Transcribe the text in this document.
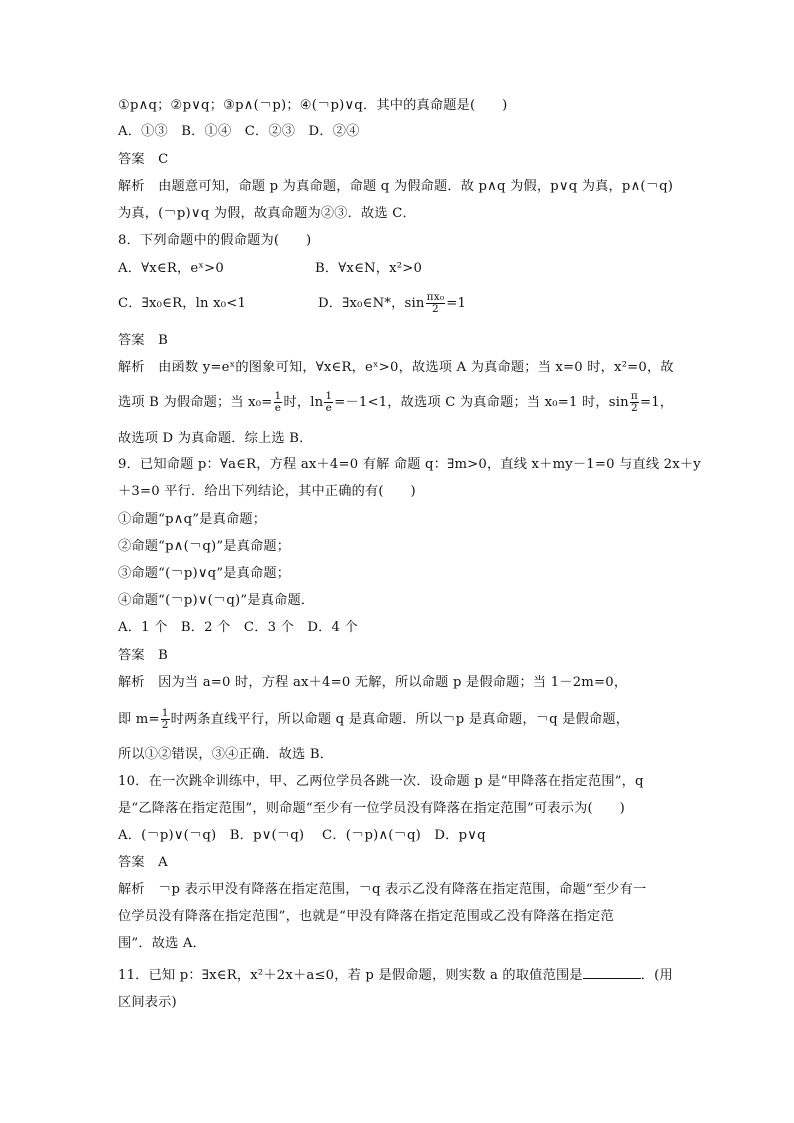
①p∧q；②p∨q；③p∧(￢p)；④(￢p)∨q．其中的真命题是(　　)
A．①③　B．①④　C．②③　D．②④
答案　C
解析　由题意可知，命题 p 为真命题，命题 q 为假命题．故 p∧q 为假，p∨q 为真，p∧(￢q)
为真，(￢p)∨q 为假，故真命题为②③．故选 C．
8．下列命题中的假命题为(　　)
A．∀x∈R，eˣ>0	B．∀x∈N，x²>0
C．∃x₀∈R，ln x₀<1	D．∃x₀∈N*，$\sin \frac{\text{πx₀}}{2} =1$
答案　B
解析　由函数 y=eˣ的图象可知，∀x∈R，eˣ>0，故选项 A 为真命题；当 x=0 时，x²=0，故
选项 B 为假命题；当 $x_0= \frac{1}{e}$ 时，$\ln \frac{1}{e} =-1<1$，故选项 C 为真命题；当 x₀=1 时，$\sin \frac{\pi}{2} =1$，
故选项 D 为真命题．综上选 B．
9．已知命题 p：∀a∈R，方程 ax＋4=0 有解 命题 q：∃m>0，直线 x＋my－1=0 与直线 2x＋y
＋3=0 平行．给出下列结论，其中正确的有(　　)
①命题“p∧q”是真命题；
②命题“p∧(￢q)”是真命题；
③命题“(￢p)∨q”是真命题；
④命题“(￢p)∨(￢q)”是真命题．
A．1 个　B．2 个　C．3 个　D．4 个
答案　B
解析　因为当 a=0 时，方程 ax＋4=0 无解，所以命题 p 是假命题；当 1－2m=0，
即 $m= \frac{1}{2}$ 时两条直线平行，所以命题 q 是真命题．所以￢p 是真命题，￢q 是假命题，
所以①②错误，③④正确．故选 B．
10．在一次跳伞训练中，甲、乙两位学员各跳一次．设命题 p 是“甲降落在指定范围”，q
是“乙降落在指定范围”，则命题“至少有一位学员没有降落在指定范围”可表示为(　　)
A．(￢p)∨(￢q)　B．p∨(￢q)　 C．(￢p)∧(￢q)　D．p∨q
答案　A
解析　￢p 表示甲没有降落在指定范围，￢q 表示乙没有降落在指定范围，命题“至少有一
位学员没有降落在指定范围”，也就是“甲没有降落在指定范围或乙没有降落在指定范
围”．故选 A．
11．已知 p：∃x∈R，x²＋2x＋a≤0，若 p 是假命题，则实数 a 的取值范围是	．(用
区间表示)
